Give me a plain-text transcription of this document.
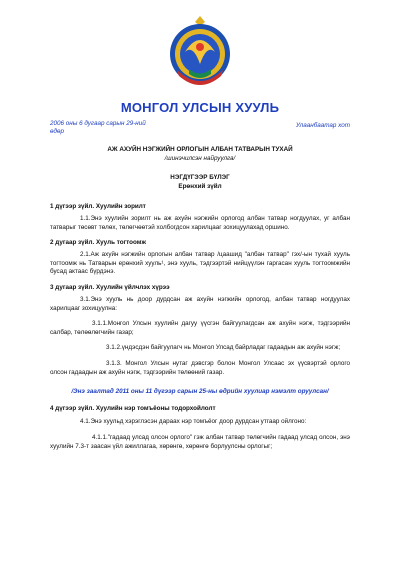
МОНГОЛ УЛСЫН ХУУЛЬ
2006 оны 6 дугаар сарын 29-ний
өдөр
Улаанбаатар хот
АЖ АХУЙН НЭГЖИЙН ОРЛОГЫН АЛБАН ТАТВАРЫН ТУХАЙ
/шинэчилсэн найруулга/
НЭГДҮГЭЭР БҮЛЭГ
Ерөнхий зүйл
1 дүгээр зүйл. Хуулийн зорилт
1.1.Энэ хуулийн зорилт нь аж ахуйн нэгжийн орлогод албан татвар ногдуулах, уг албан татварыг төсөвт төлөх, төлөгчөөтэй холбогдсон харилцааг зохицуулахад оршино.
2 дугаар зүйл. Хууль тогтоомж
2.1.Аж ахуйн нэгжийн орлогын албан татвар /цаашид "албан татвар" гэх/-ын тухай хууль тогтоомж нь Татварын ерөнхий хууль¹, энэ хууль, тэдгээртэй нийцүүлэн гаргасан хууль тогтоомжийн бусад актаас бүрдэнэ.
3 дугаар зүйл. Хуулийн үйлчлэх хүрээ
3.1.Энэ хууль нь доор дурдсан аж ахуйн нэгжийн орлогод, албан татвар ногдуулах харилцааг зохицуулна:
3.1.1.Монгол Улсын хуулийн дагуу үүсгэн байгуулагдсан аж ахуйн нэгж, тэдгээрийн салбар, төлөөлөгчийн газар;
3.1.2.үндэсдэн байгуулагч нь Монгол Улсад байрладаг гадаадын аж ахуйн нэгж;
3.1.3. Монгол Улсын нутаг дэвсгэр болон Монгол Улсаас эх үүсвэртэй орлого олсон гадаадын аж ахуйн нэгж, тэдгээрийн төлөөний газар.
/Энэ заалтад 2011 оны 11 дүгээр сарын 25-ны өдрийн хуулиар нэмэлт оруулсан/
4 дүгээр зүйл. Хуулийн нэр томъёоны тодорхойлолт
4.1.Энэ хуульд хэрэглэсэн дараах нэр томъёог доор дурдсан утгаар ойлгоно:
4.1.1."гадаад улсад олсон орлого" гэж албан татвар төлөгчийн гадаад улсад олсон, энэ хуулийн 7.3-т заасан үйл ажиллагаа, хөрөнгө, хөрөнгө борлуулсны орлогыг;
